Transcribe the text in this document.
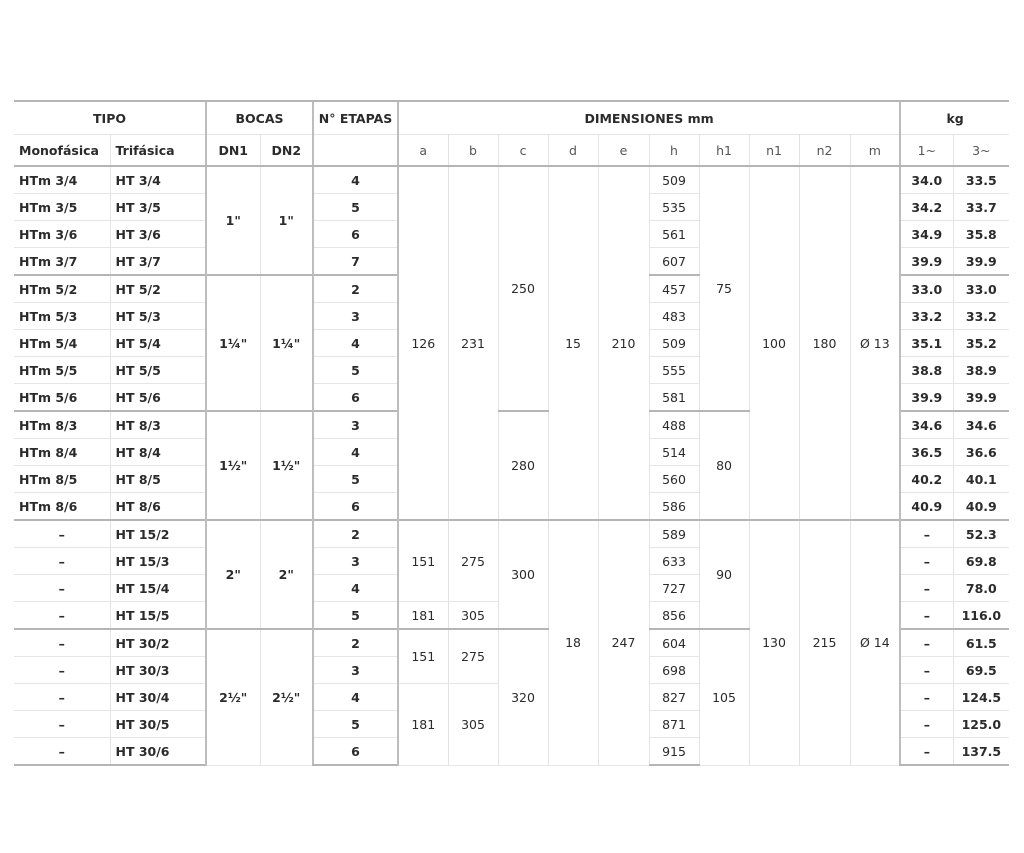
TIPO		BOCAS		N° ETAPAS	DIMENSIONES mm										kg	
Monofásica	Trifásica	DN1	DN2		a	b	c	d	e	h	h1	n1	n2	m	1~	3~
HTm 3/4	HT 3/4	1"	1"	4	126	231	250	15	210	509	75	100	180	Ø 13	34.0	33.5
HTm 3/5	HT 3/5			5						535					34.2	33.7
HTm 3/6	HT 3/6			6						561					34.9	35.8
HTm 3/7	HT 3/7			7						607					39.9	39.9
HTm 5/2	HT 5/2	1¼"	1¼"	2						457					33.0	33.0
HTm 5/3	HT 5/3			3						483					33.2	33.2
HTm 5/4	HT 5/4			4						509					35.1	35.2
HTm 5/5	HT 5/5			5						555					38.8	38.9
HTm 5/6	HT 5/6			6						581					39.9	39.9
HTm 8/3	HT 8/3	1½"	1½"	3			280			488	80				34.6	34.6
HTm 8/4	HT 8/4			4						514					36.5	36.6
HTm 8/5	HT 8/5			5						560					40.2	40.1
HTm 8/6	HT 8/6			6						586					40.9	40.9
–	HT 15/2	2"	2"	2	151	275	300	18	247	589	90	130	215	Ø 14	–	52.3
–	HT 15/3			3						633					–	69.8
–	HT 15/4			4						727					–	78.0
–	HT 15/5			5	181	305				856					–	116.0
–	HT 30/2	2½"	2½"	2	151	275	320			604	105				–	61.5
–	HT 30/3			3						698					–	69.5
–	HT 30/4			4	181	305				827					–	124.5
–	HT 30/5			5						871					–	125.0
–	HT 30/6			6						915					–	137.5
